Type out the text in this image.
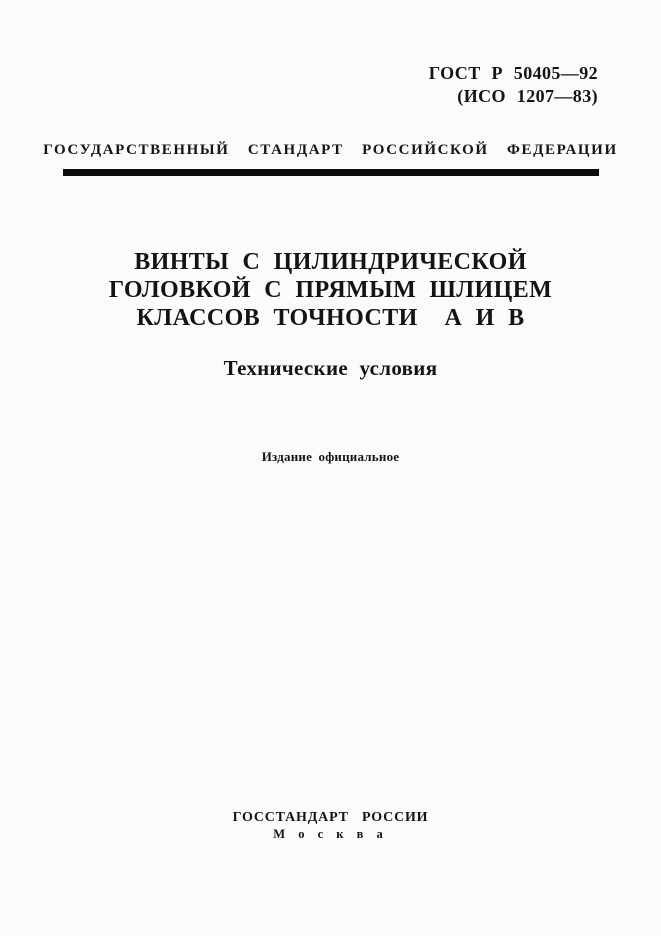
ГОСТ Р 50405—92
(ИСО 1207—83)
ГОСУДАРСТВЕННЫЙ СТАНДАРТ РОССИЙСКОЙ ФЕДЕРАЦИИ
ВИНТЫ С ЦИЛИНДРИЧЕСКОЙ
ГОЛОВКОЙ С ПРЯМЫМ ШЛИЦЕМ
КЛАССОВ ТОЧНОСТИ  А И В
Технические условия
Издание официальное
ГОССТАНДАРТ РОССИИ
М о с к в а
